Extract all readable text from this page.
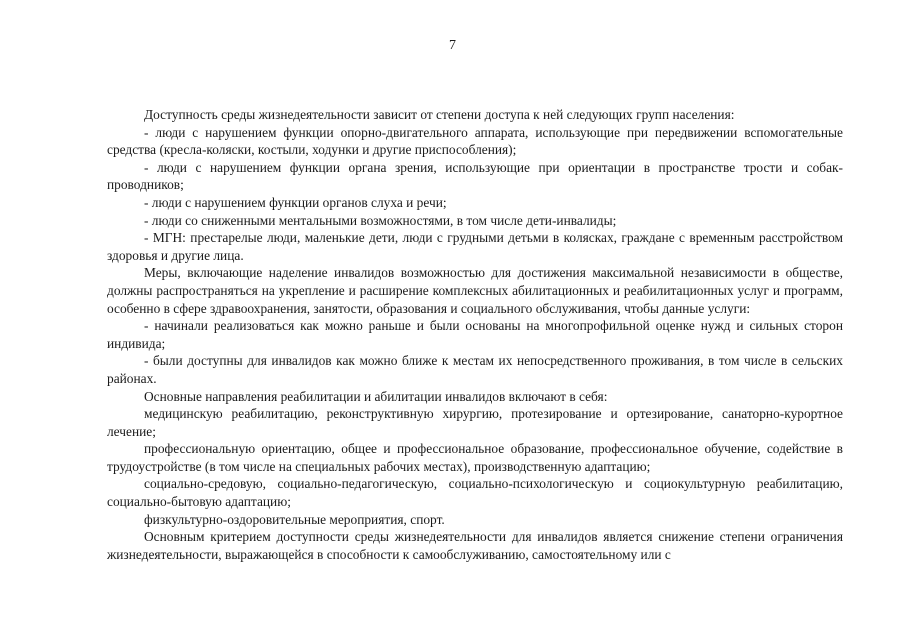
7

Доступность среды жизнедеятельности зависит от степени доступа к ней следующих групп населения:

- люди с нарушением функции опорно-двигательного аппарата, использующие при передвижении вспомогательные средства (кресла-коляски, костыли, ходунки и другие приспособления);

- люди с нарушением функции органа зрения, использующие при ориентации в пространстве трости и собак-проводников;

- люди с нарушением функции органов слуха и речи;

- люди со сниженными ментальными возможностями, в том числе дети-инвалиды;

- МГН: престарелые люди, маленькие дети, люди с грудными детьми в колясках, граждане с временным расстройством здоровья и другие лица.

Меры, включающие наделение инвалидов возможностью для достижения максимальной независимости в обществе, должны распространяться на укрепление и расширение комплексных абилитационных и реабилитационных услуг и программ, особенно в сфере здравоохранения, занятости, образования и социального обслуживания, чтобы данные услуги:

- начинали реализоваться как можно раньше и были основаны на многопрофильной оценке нужд и сильных сторон индивида;

- были доступны для инвалидов как можно ближе к местам их непосредственного проживания, в том числе в сельских районах.

Основные направления реабилитации и абилитации инвалидов включают в себя:

медицинскую реабилитацию, реконструктивную хирургию, протезирование и ортезирование, санаторно-курортное лечение;

профессиональную ориентацию, общее и профессиональное образование, профессиональное обучение, содействие в трудоустройстве (в том числе на специальных рабочих местах), производственную адаптацию;

социально-средовую, социально-педагогическую, социально-психологическую и социокультурную реабилитацию, социально-бытовую адаптацию;

физкультурно-оздоровительные мероприятия, спорт.

Основным критерием доступности среды жизнедеятельности для инвалидов является снижение степени ограничения жизнедеятельности, выражающейся в способности к самообслуживанию, самостоятельному или с
